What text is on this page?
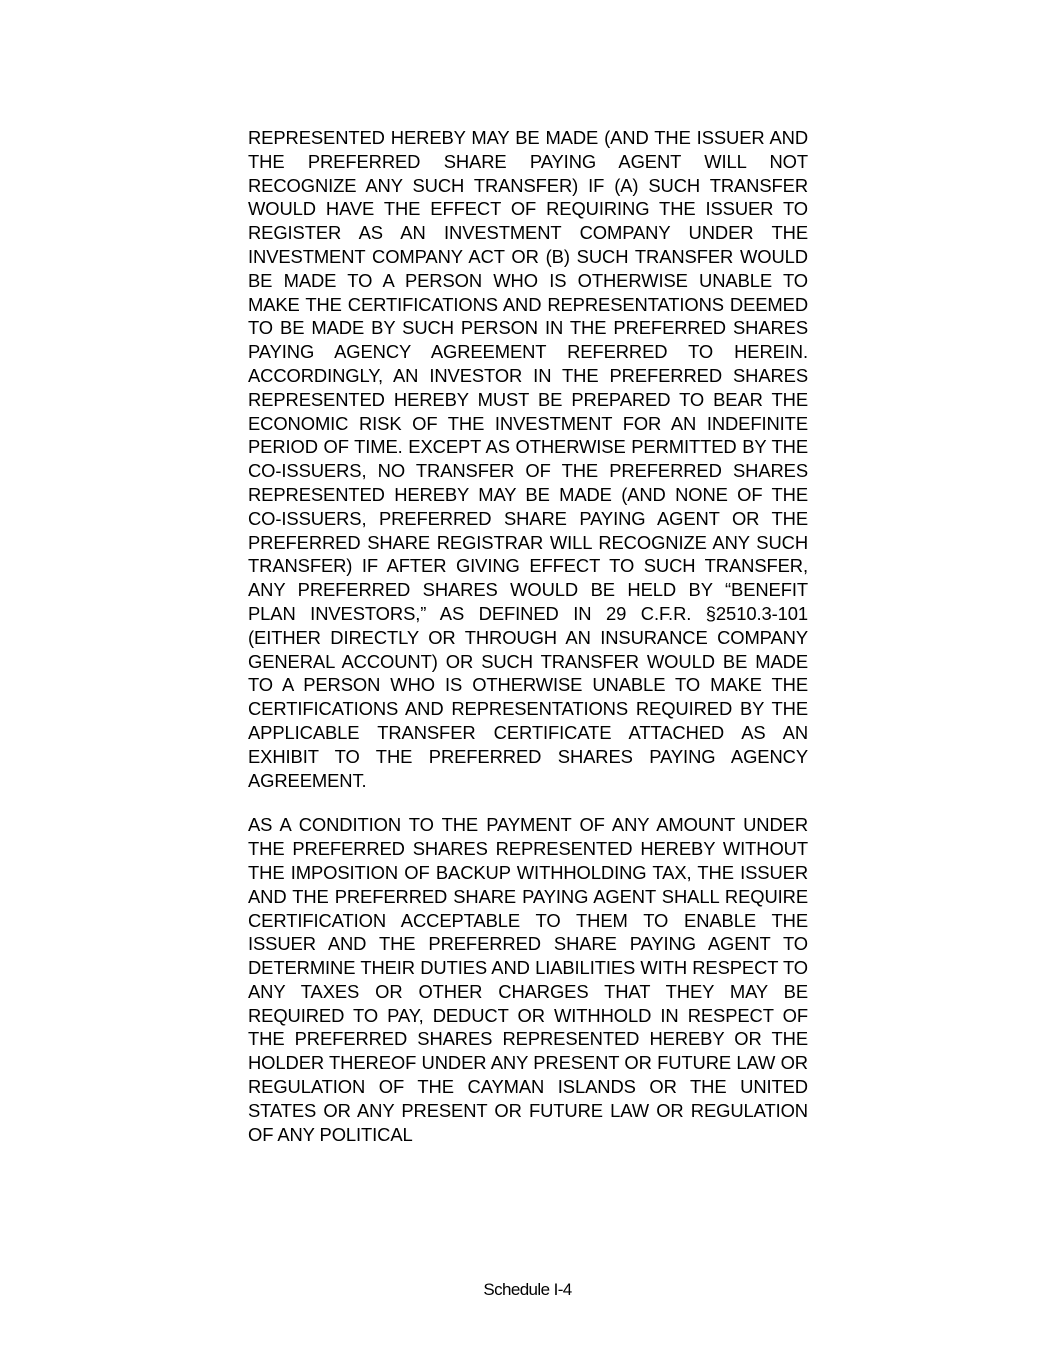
REPRESENTED HEREBY MAY BE MADE (AND THE ISSUER AND THE PREFERRED SHARE PAYING AGENT WILL NOT RECOGNIZE ANY SUCH TRANSFER) IF (A) SUCH TRANSFER WOULD HAVE THE EFFECT OF REQUIRING THE ISSUER TO REGISTER AS AN INVESTMENT COMPANY UNDER THE INVESTMENT COMPANY ACT OR (B) SUCH TRANSFER WOULD BE MADE TO A PERSON WHO IS OTHERWISE UNABLE TO MAKE THE CERTIFICATIONS AND REPRESENTATIONS DEEMED TO BE MADE BY SUCH PERSON IN THE PREFERRED SHARES PAYING AGENCY AGREEMENT REFERRED TO HEREIN. ACCORDINGLY, AN INVESTOR IN THE PREFERRED SHARES REPRESENTED HEREBY MUST BE PREPARED TO BEAR THE ECONOMIC RISK OF THE INVESTMENT FOR AN INDEFINITE PERIOD OF TIME. EXCEPT AS OTHERWISE PERMITTED BY THE CO-ISSUERS, NO TRANSFER OF THE PREFERRED SHARES REPRESENTED HEREBY MAY BE MADE (AND NONE OF THE CO-ISSUERS, PREFERRED SHARE PAYING AGENT OR THE PREFERRED SHARE REGISTRAR WILL RECOGNIZE ANY SUCH TRANSFER) IF AFTER GIVING EFFECT TO SUCH TRANSFER, ANY PREFERRED SHARES WOULD BE HELD BY “BENEFIT PLAN INVESTORS,” AS DEFINED IN 29 C.F.R. §2510.3-101 (EITHER DIRECTLY OR THROUGH AN INSURANCE COMPANY GENERAL ACCOUNT) OR SUCH TRANSFER WOULD BE MADE TO A PERSON WHO IS OTHERWISE UNABLE TO MAKE THE CERTIFICATIONS AND REPRESENTATIONS REQUIRED BY THE APPLICABLE TRANSFER CERTIFICATE ATTACHED AS AN EXHIBIT TO THE PREFERRED SHARES PAYING AGENCY AGREEMENT.

AS A CONDITION TO THE PAYMENT OF ANY AMOUNT UNDER THE PREFERRED SHARES REPRESENTED HEREBY WITHOUT THE IMPOSITION OF BACKUP WITHHOLDING TAX, THE ISSUER AND THE PREFERRED SHARE PAYING AGENT SHALL REQUIRE CERTIFICATION ACCEPTABLE TO THEM TO ENABLE THE ISSUER AND THE PREFERRED SHARE PAYING AGENT TO DETERMINE THEIR DUTIES AND LIABILITIES WITH RESPECT TO ANY TAXES OR OTHER CHARGES THAT THEY MAY BE REQUIRED TO PAY, DEDUCT OR WITHHOLD IN RESPECT OF THE PREFERRED SHARES REPRESENTED HEREBY OR THE HOLDER THEREOF UNDER ANY PRESENT OR FUTURE LAW OR REGULATION OF THE CAYMAN ISLANDS OR THE UNITED STATES OR ANY PRESENT OR FUTURE LAW OR REGULATION OF ANY POLITICAL

Schedule I-4
